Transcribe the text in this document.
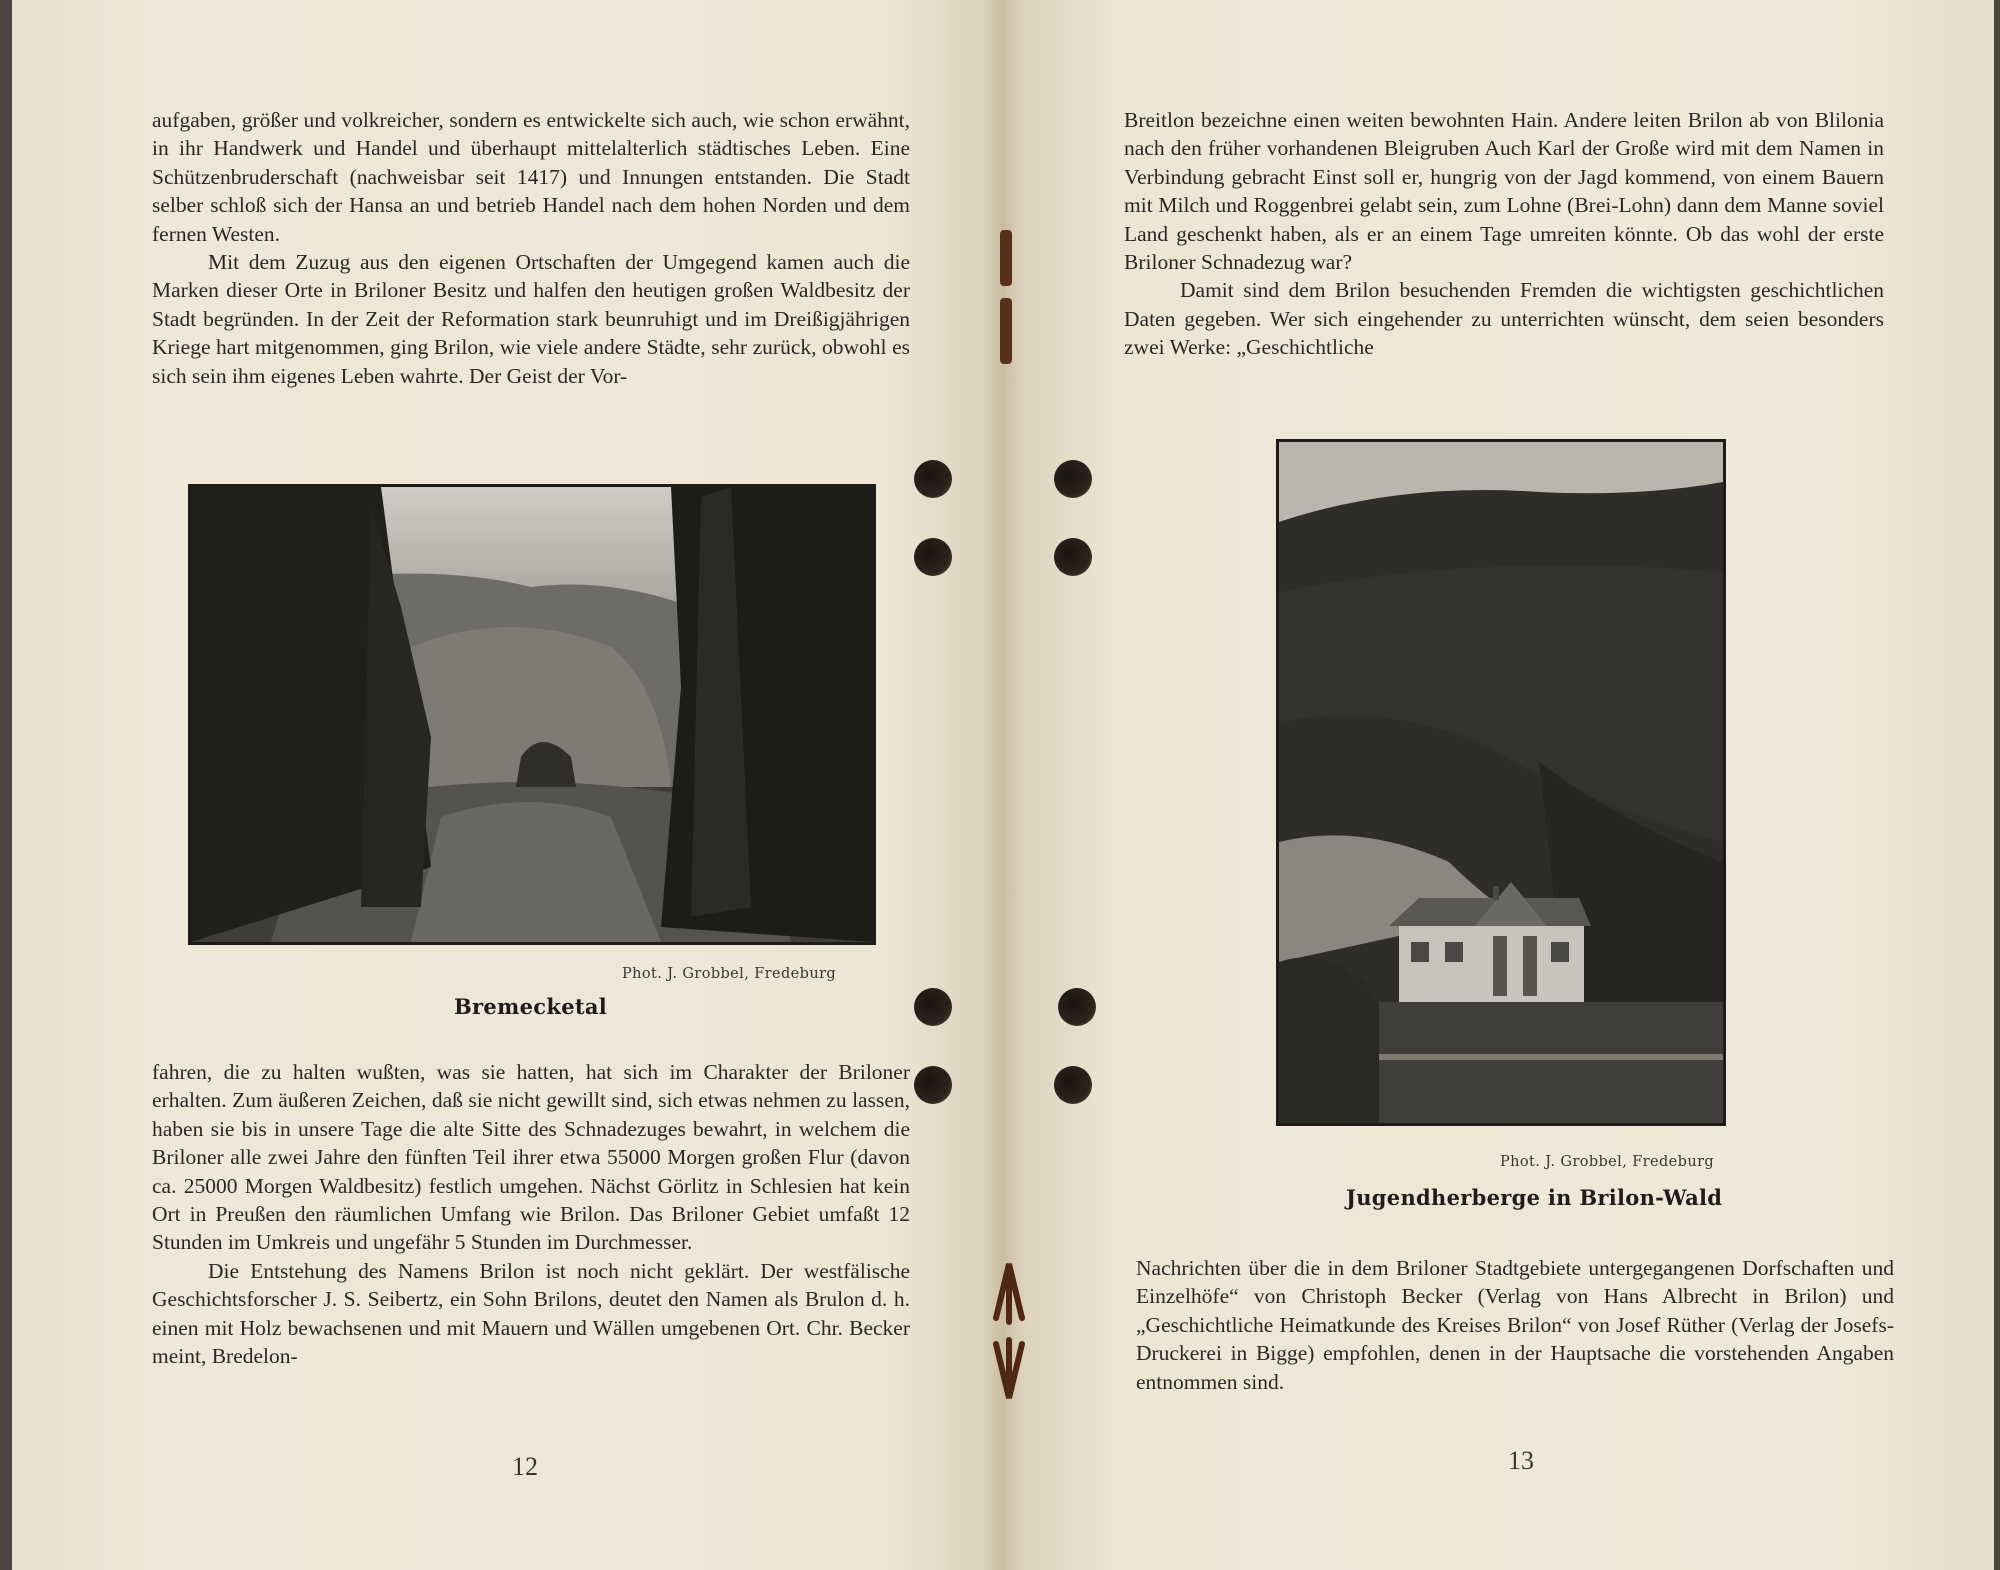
aufgaben, größer und volkreicher, sondern es entwickelte sich auch, wie schon erwähnt, in ihr Handwerk und Handel und überhaupt mittelalterlich städtisches Leben. Eine Schützenbruderschaft (nachweisbar seit 1417) und Innungen entstanden. Die Stadt selber schloß sich der Hansa an und betrieb Handel nach dem hohen Norden und dem fernen Westen.

Mit dem Zuzug aus den eigenen Ortschaften der Umgegend kamen auch die Marken dieser Orte in Briloner Besitz und halfen den heutigen großen Waldbesitz der Stadt begründen. In der Zeit der Reformation stark beunruhigt und im Dreißigjährigen Kriege hart mitgenommen, ging Brilon, wie viele andere Städte, sehr zurück, obwohl es sich sein ihm eigenes Leben wahrte. Der Geist der Vor-

Phot. J. Grobbel, Fredeburg
Bremecketal

fahren, die zu halten wußten, was sie hatten, hat sich im Charakter der Briloner erhalten. Zum äußeren Zeichen, daß sie nicht gewillt sind, sich etwas nehmen zu lassen, haben sie bis in unsere Tage die alte Sitte des Schnadezuges bewahrt, in welchem die Briloner alle zwei Jahre den fünften Teil ihrer etwa 55000 Morgen großen Flur (davon ca. 25000 Morgen Waldbesitz) festlich umgehen. Nächst Görlitz in Schlesien hat kein Ort in Preußen den räumlichen Umfang wie Brilon. Das Briloner Gebiet umfaßt 12 Stunden im Umkreis und ungefähr 5 Stunden im Durchmesser.

Die Entstehung des Namens Brilon ist noch nicht geklärt. Der westfälische Geschichtsforscher J. S. Seibertz, ein Sohn Brilons, deutet den Namen als Brulon d. h. einen mit Holz bewachsenen und mit Mauern und Wällen umgebenen Ort. Chr. Becker meint, Bredelon-

12

Breitlon bezeichne einen weiten bewohnten Hain. Andere leiten Brilon ab von Blilonia nach den früher vorhandenen Bleigruben Auch Karl der Große wird mit dem Namen in Verbindung gebracht Einst soll er, hungrig von der Jagd kommend, von einem Bauern mit Milch und Roggenbrei gelabt sein, zum Lohne (Brei-Lohn) dann dem Manne soviel Land geschenkt haben, als er an einem Tage umreiten könnte. Ob das wohl der erste Briloner Schnadezug war?

Damit sind dem Brilon besuchenden Fremden die wichtigsten geschichtlichen Daten gegeben. Wer sich eingehender zu unterrichten wünscht, dem seien besonders zwei Werke: „Geschichtliche

Phot. J. Grobbel, Fredeburg
Jugendherberge in Brilon-Wald

Nachrichten über die in dem Briloner Stadtgebiete untergegangenen Dorfschaften und Einzelhöfe“ von Christoph Becker (Verlag von Hans Albrecht in Brilon) und „Geschichtliche Heimatkunde des Kreises Brilon“ von Josef Rüther (Verlag der Josefs-Druckerei in Bigge) empfohlen, denen in der Hauptsache die vorstehenden Angaben entnommen sind.

13
